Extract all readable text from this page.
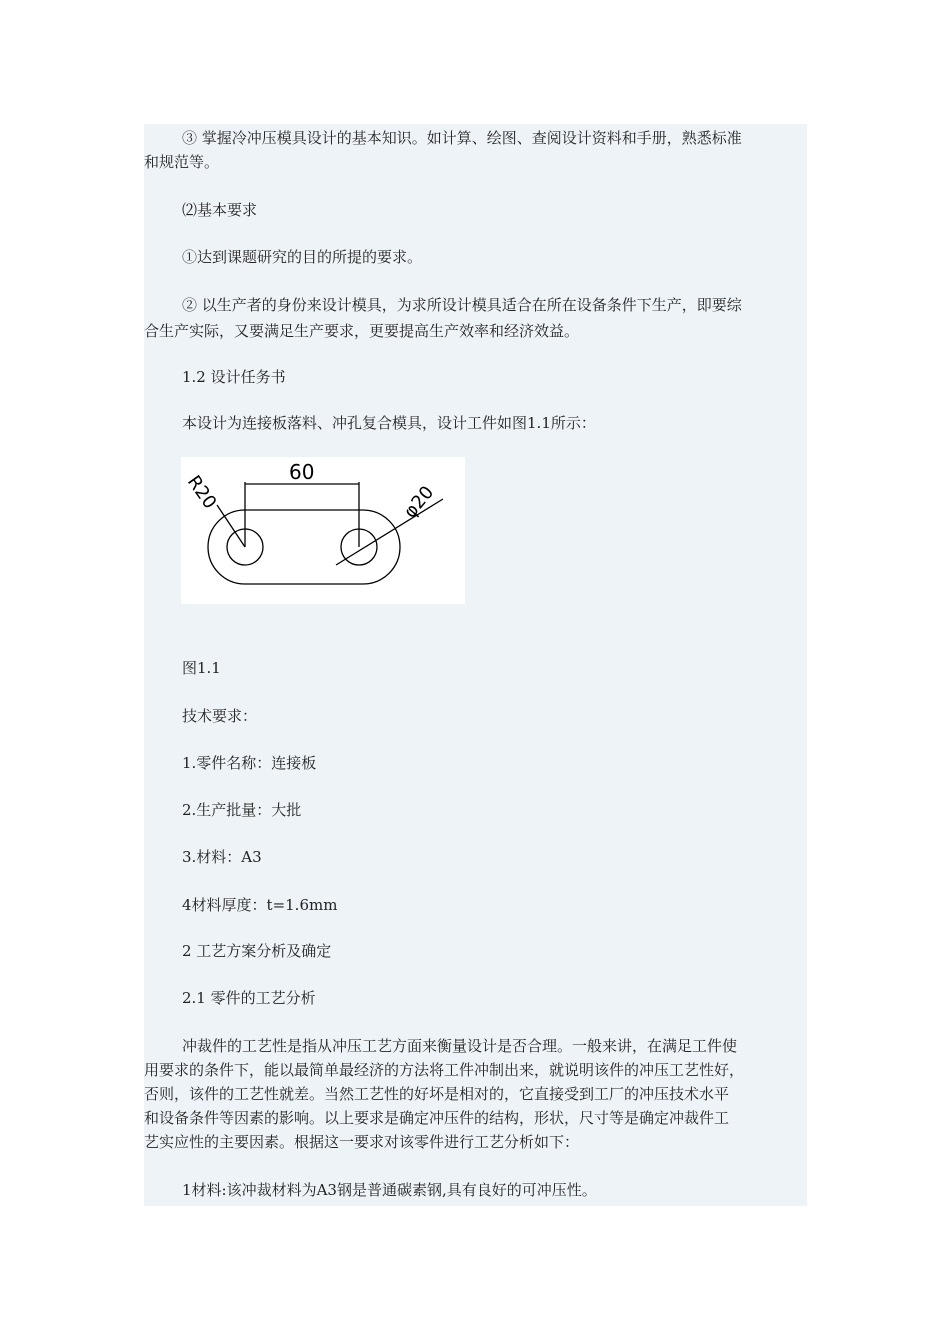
③ 掌握冷冲压模具设计的基本知识。如计算、绘图、查阅设计资料和手册，熟悉标准
和规范等。
⑵基本要求
①达到课题研究的目的所提的要求。
② 以生产者的身份来设计模具，为求所设计模具适合在所在设备条件下生产，即要综
合生产实际，又要满足生产要求，更要提高生产效率和经济效益。
1.2 设计任务书
本设计为连接板落料、冲孔复合模具，设计工件如图1.1所示：
60
R20	φ20
图1.1
技术要求：
1.零件名称：连接板
2.生产批量：大批
3.材料：A3
4材料厚度：t=1.6mm
2 工艺方案分析及确定
2.1 零件的工艺分析
冲裁件的工艺性是指从冲压工艺方面来衡量设计是否合理。一般来讲，在满足工件使
用要求的条件下，能以最简单最经济的方法将工件冲制出来，就说明该件的冲压工艺性好，
否则，该件的工艺性就差。当然工艺性的好坏是相对的，它直接受到工厂的冲压技术水平
和设备条件等因素的影响。以上要求是确定冲压件的结构，形状，尺寸等是确定冲裁件工
艺实应性的主要因素。根据这一要求对该零件进行工艺分析如下：
1材料:该冲裁材料为A3钢是普通碳素钢,具有良好的可冲压性。
